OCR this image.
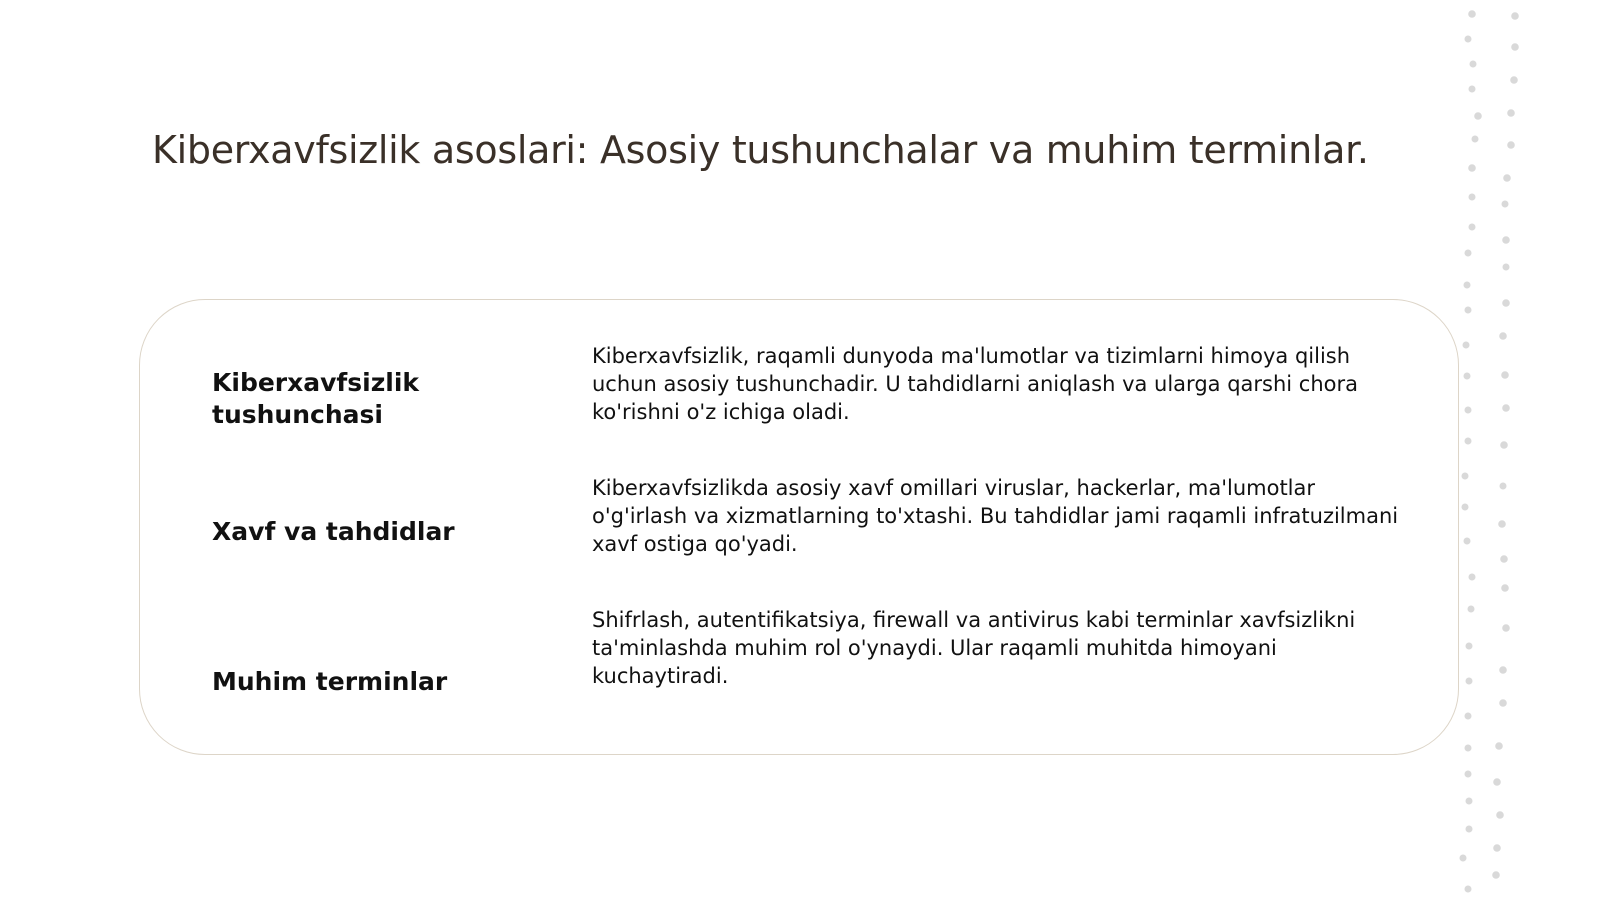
Kiberxavfsizlik asoslari: Asosiy tushunchalar va muhim terminlar.
Kiberxavfsizlik tushunchasi
Kiberxavfsizlik, raqamli dunyoda ma'lumotlar va tizimlarni himoya qilish uchun asosiy tushunchadir. U tahdidlarni aniqlash va ularga qarshi chora ko'rishni o'z ichiga oladi.
Xavf va tahdidlar
Kiberxavfsizlikda asosiy xavf omillari viruslar, hackerlar, ma'lumotlar o'g'irlash va xizmatlarning to'xtashi. Bu tahdidlar jami raqamli infratuzilmani xavf ostiga qo'yadi.
Muhim terminlar
Shifrlash, autentifikatsiya, firewall va antivirus kabi terminlar xavfsizlikni ta'minlashda muhim rol o'ynaydi. Ular raqamli muhitda himoyani kuchaytiradi.
